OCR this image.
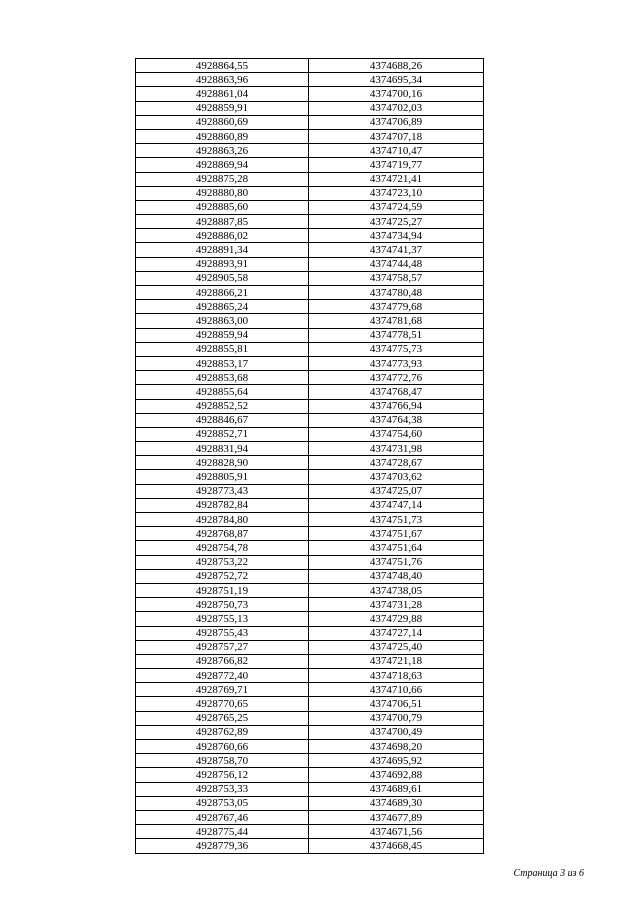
4928864,55	4374688,26
4928863,96	4374695,34
4928861,04	4374700,16
4928859,91	4374702,03
4928860,69	4374706,89
4928860,89	4374707,18
4928863,26	4374710,47
4928869,94	4374719,77
4928875,28	4374721,41
4928880,80	4374723,10
4928885,60	4374724,59
4928887,85	4374725,27
4928886,02	4374734,94
4928891,34	4374741,37
4928893,91	4374744,48
4928905,58	4374758,57
4928866,21	4374780,48
4928865,24	4374779,68
4928863,00	4374781,68
4928859,94	4374778,51
4928855,81	4374775,73
4928853,17	4374773,93
4928853,68	4374772,76
4928855,64	4374768,47
4928852,52	4374766,94
4928846,67	4374764,38
4928852,71	4374754,60
4928831,94	4374731,98
4928828,90	4374728,67
4928805,91	4374703,62
4928773,43	4374725,07
4928782,84	4374747,14
4928784,80	4374751,73
4928768,87	4374751,67
4928754,78	4374751,64
4928753,22	4374751,76
4928752,72	4374748,40
4928751,19	4374738,05
4928750,73	4374731,28
4928755,13	4374729,88
4928755,43	4374727,14
4928757,27	4374725,40
4928766,82	4374721,18
4928772,40	4374718,63
4928769,71	4374710,66
4928770,65	4374706,51
4928765,25	4374700,79
4928762,89	4374700,49
4928760,66	4374698,20
4928758,70	4374695,92
4928756,12	4374692,88
4928753,33	4374689,61
4928753,05	4374689,30
4928767,46	4374677,89
4928775,44	4374671,56
4928779,36	4374668,45
Страница 3 из 6
